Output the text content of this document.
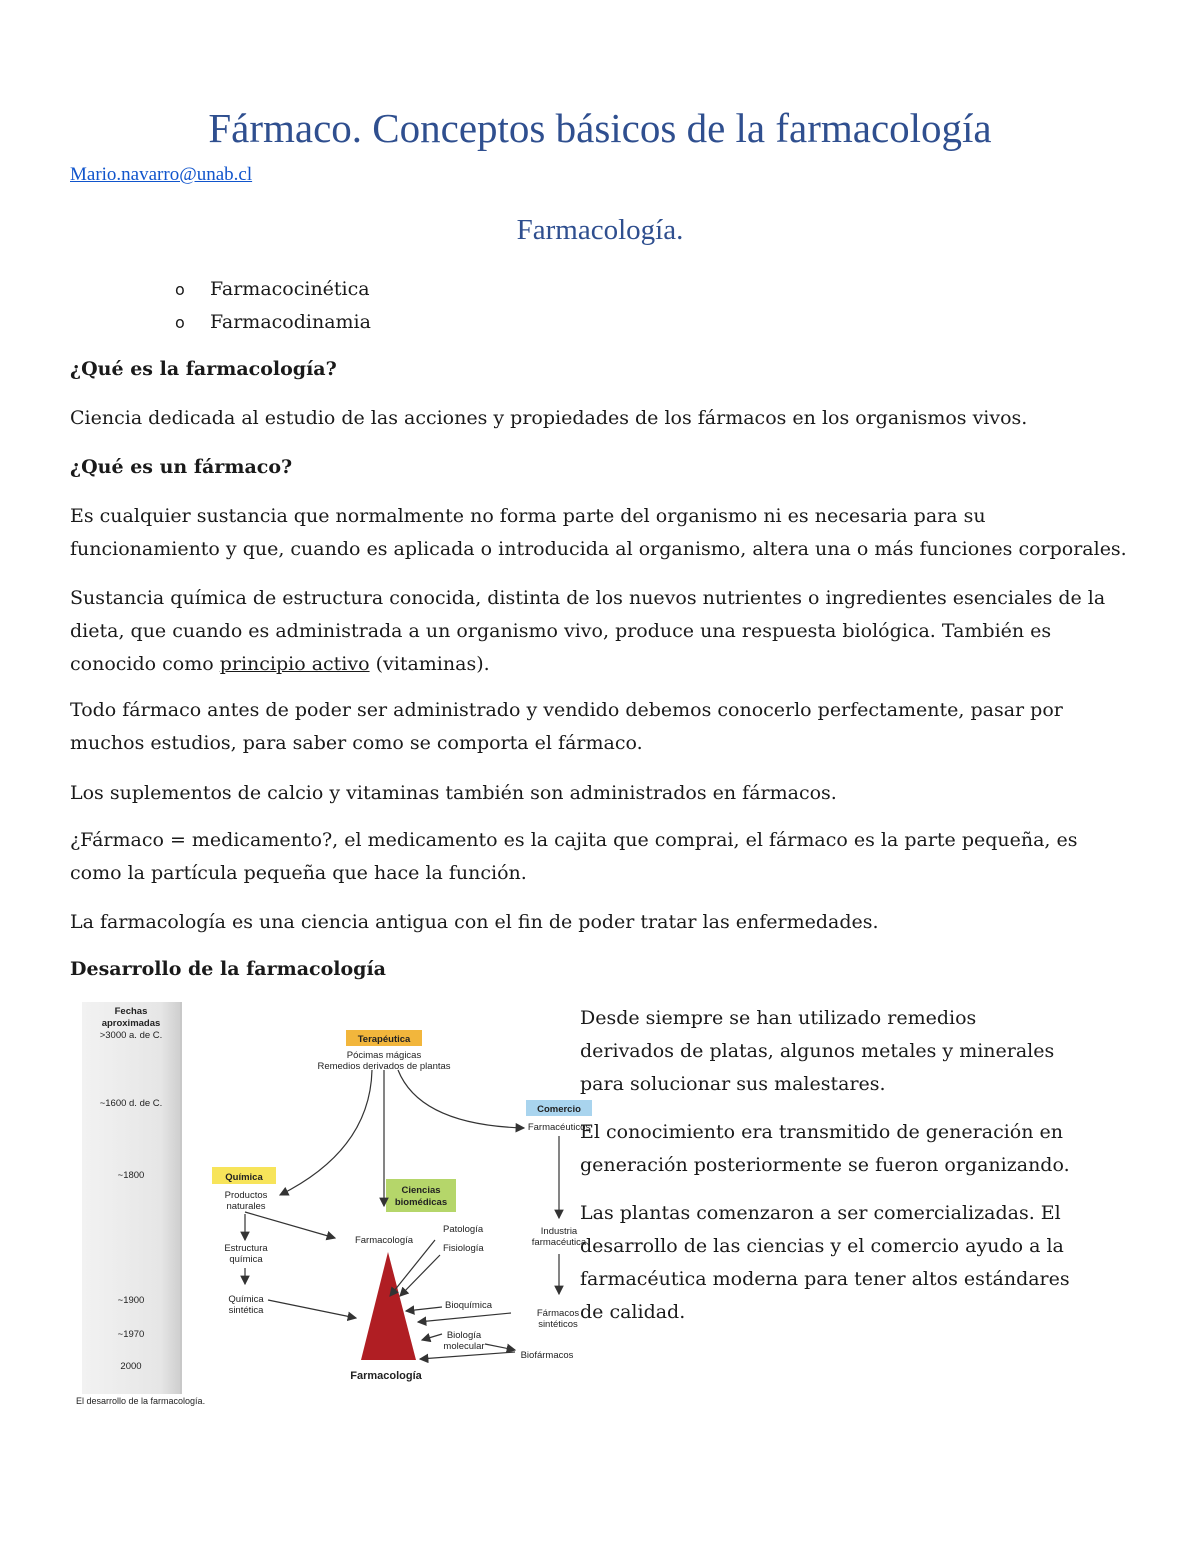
Fármaco. Conceptos básicos de la farmacología
Mario.navarro@unab.cl
Farmacología.
o Farmacocinética
o Farmacodinamia
¿Qué es la farmacología?

Ciencia dedicada al estudio de las acciones y propiedades de los fármacos en los organismos vivos.

¿Qué es un fármaco?

Es cualquier sustancia que normalmente no forma parte del organismo ni es necesaria para su funcionamiento y que, cuando es aplicada o introducida al organismo, altera una o más funciones corporales.

Sustancia química de estructura conocida, distinta de los nuevos nutrientes o ingredientes esenciales de la dieta, que cuando es administrada a un organismo vivo, produce una respuesta biológica. También es conocido como principio activo (vitaminas).

Todo fármaco antes de poder ser administrado y vendido debemos conocerlo perfectamente, pasar por muchos estudios, para saber como se comporta el fármaco.

Los suplementos de calcio y vitaminas también son administrados en fármacos.

¿Fármaco = medicamento?, el medicamento es la cajita que comprai, el fármaco es la parte pequeña, es como la partícula pequeña que hace la función.

La farmacología es una ciencia antigua con el fin de poder tratar las enfermedades.

Desarrollo de la farmacología
Fechas
aproximadas
>3000 a. de C.
~1600 d. de C.
~1800
~1900
~1970
2000
Terapéutica
Pócimas mágicas
Remedios derivados de plantas
Comercio
Farmacéuticos
Química
Productos
naturales
Ciencias
biomédicas
Industria
farmacéutica
Estructura
química
Farmacología
Patología
Fisiología
Química
sintética	Bioquímica
Fármacos
sintéticos
Biología
molecular
Biofármacos
Farmacología
El desarrollo de la farmacología.

Desde siempre se han utilizado remedios derivados de platas, algunos metales y minerales para solucionar sus malestares.

El conocimiento era transmitido de generación en generación posteriormente se fueron organizando.

Las plantas comenzaron a ser comercializadas. El desarrollo de las ciencias y el comercio ayudo a la farmacéutica moderna para tener altos estándares de calidad.
